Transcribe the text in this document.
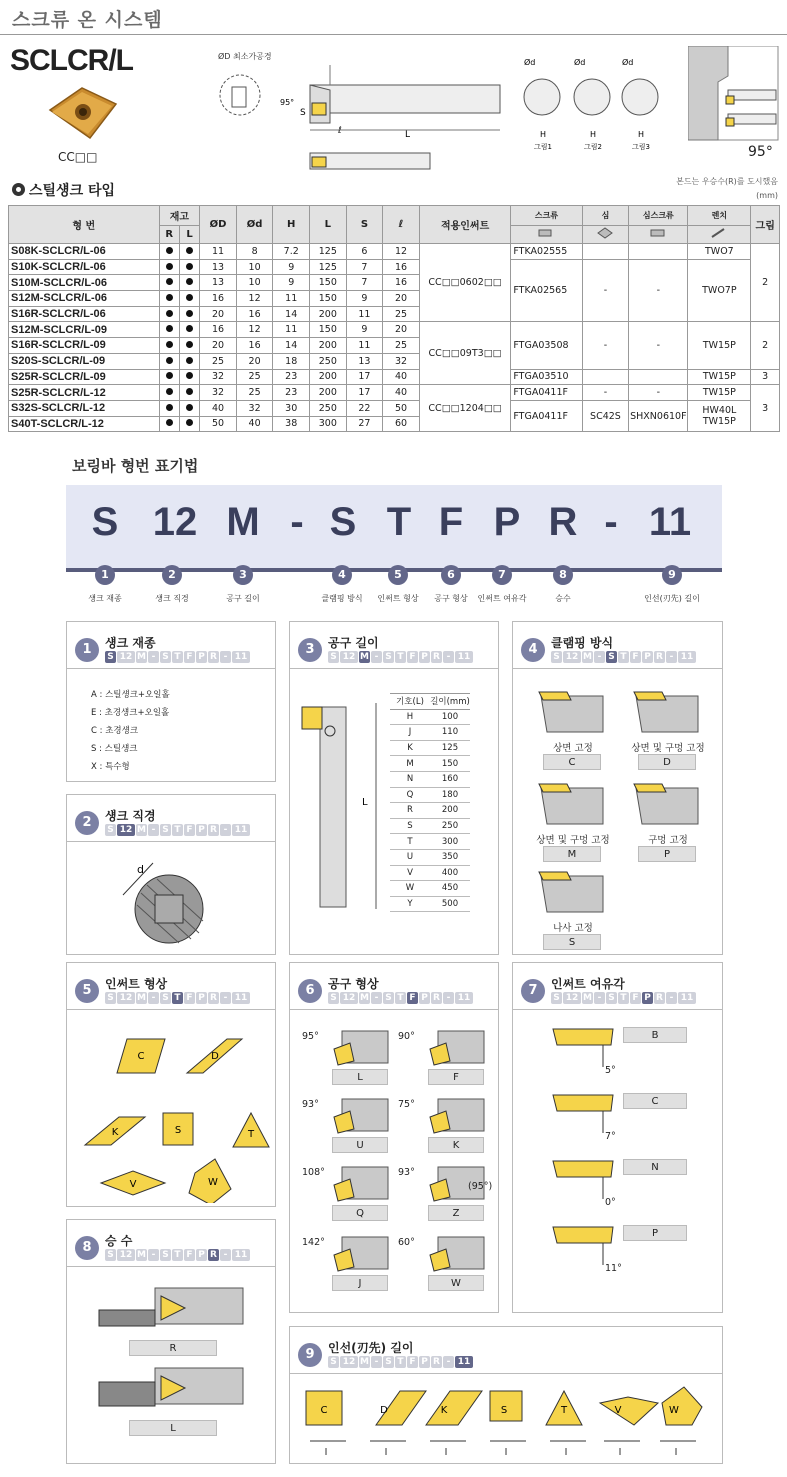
스크류 온 시스템
SCLCR/L
CC□□
ØD 최소가공경
95°
S
ℓ	L
Ød
H
그림1
Ød
H
그림2
Ød
H
그림3	95°
스틸섕크 타입
본드는 우승수(R)를 도시했음
(mm)
형 번	재고		ØD	Ød	H	L	S	ℓ	적용인써트	스크류	심	심스크류	렌치	그림
	R	L				
S08K-SCLCR/L-06			11	8	7.2	125	6	12	CC□□0602□□	FTKA02555			TWO7	2
S10K-SCLCR/L-06			13	10	9	125	7	16		FTKA02565	-	-	TWO7P	
S10M-SCLCR/L-06			13	10	9	150	7	16						
S12M-SCLCR/L-06			16	12	11	150	9	20						
S16R-SCLCR/L-06			20	16	14	200	11	25						
S12M-SCLCR/L-09			16	12	11	150	9	20	CC□□09T3□□	FTGA03508	-	-	TW15P	2
S16R-SCLCR/L-09			20	16	14	200	11	25						
S20S-SCLCR/L-09			25	20	18	250	13	32						
S25R-SCLCR/L-09			32	25	23	200	17	40		FTGA03510			TW15P	3
S25R-SCLCR/L-12			32	25	23	200	17	40	CC□□1204□□	FTGA0411F	-	-	TW15P	3
S32S-SCLCR/L-12			40	32	30	250	22	50		FTGA0411F	SC42S	SHXN0610F	HW40L
TW15P	

S40T-SCLCR/L-12			50	40	38	300	27	60						
보링바 형번 표기법
S 12 M - S T F P R - 11
1
섕크 재종
2
섕크 직경
3
공구 길이
4
클램핑 방식
5
인써트 형상
6
공구 형상
7
인써트 여유각
8
승수
9
인선(刃先) 길이
1	섕크 재종
S 12 M - S T F P R - 11
A : 스틸섕크+오일홀
E : 초경섕크+오일홀
C : 초경섕크
S : 스틸섕크
X : 특수형
2	섕크 직경
S 12 M - S T F P R - 11
d
3	공구 길이
S 12 M - S T F P R - 11
L
기호(L)	길이(mm)
H	100
J	110
K	125
M	150
N	160
Q	180
R	200
S	250
T	300
U	350
V	400
W	450
Y	500
4	클램핑 방식
S 12 M - S T F P R - 11
상면 고정
C
상면 및 구멍 고정
D
상면 및 구멍 고정
M
구멍 고정
P
나사 고정
S
5	인써트 형상
S 12 M - S T F P R - 11
C	D
K	S	T
V	W
6	공구 형상
S 12 M - S T F P R - 11
95°
L
90°
F
93°
U
75°
K
108°
Q
93°
Z
142°
J
60°
W
(95°)
7	인써트 여유각
S 12 M - S T F P R - 11
5°
B
7°
C
0°
N
11°
P
8	승 수
S 12 M - S T F P R - 11
R
L
9	인선(刃先) 길이
S 12 M - S T F P R - 11
C
l
D
l
K
l
S
l
T
l
V
l
W
l
